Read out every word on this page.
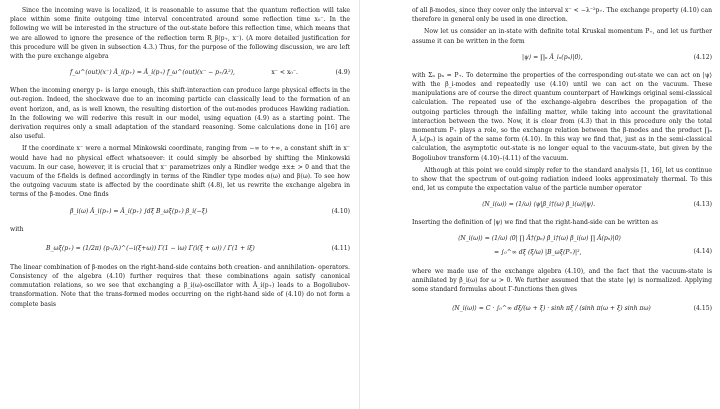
Since the incoming wave is localized, it is reasonable to assume that the quantum reflection will take place within some finite outgoing time interval concentrated around some reflection time x₀⁻. In the following we will be interested in the structure of the out-state before this reflection time, which means that we are allowed to ignore the presence of the reflection term R_β(p₊, x⁻). (A more detailed justification for this procedure will be given in subsection 4.3.) Thus, for the purpose of the following discussion, we are left with the pure exchange algebra

f_ω^(out)(x⁻) Â_i(p₊) = Â_i(p₊) f_ω^(out)(x⁻ − p₊/λ²),	x⁻ < x₀⁻.	(4.9)

When the incoming energy p₊ is large enough, this shift-interaction can produce large physical effects in the out-region. Indeed, the shockwave due to an incoming particle can classically lead to the formation of an event horizon, and, as is well known, the resulting distortion of the out-modes produces Hawking radiation. In the following we will rederive this result in our model, using equation (4.9) as a starting point. The derivation requires only a small adaptation of the standard reasoning. Some calculations done in [16] are also useful.

If the coordinate x⁻ were a normal Minkowski coordinate, ranging from −∞ to +∞, a constant shift in x⁻ would have had no physical effect whatsoever: it could simply be absorbed by shifting the Minkowski vacuum. In our case, however, it is crucial that x⁻ parametrizes only a Rindler wedge ±x± > 0 and that the vacuum of the f-fields is defined accordingly in terms of the Rindler type modes α(ω) and β(ω). To see how the outgoing vacuum state is affected by the coordinate shift (4.8), let us rewrite the exchange algebra in terms of the β-modes. One finds

β_i(ω) Â_i(p₊) = Â_i(p₊) ∫dξ B_ωξ(p₊) β_i(−ξ)	(4.10)

with

B_ωξ(p₊) = (1/2π) (p₊/λ)^(−i(ξ+ω)) Γ(1 − iω) Γ(i(ξ + ω)) / Γ(1 + iξ)	(4.11)

The linear combination of β-modes on the right-hand-side contains both creation- and annihilation- operators. Consistency of the algebra (4.10) further requires that these combinations again satisfy canonical commutation relations, so we see that exchanging a β_i(ω)-oscillator with Â_i(p₊) leads to a Bogoliubov-transformation. Note that the trans-formed modes occurring on the right-hand side of (4.10) do not form a complete basis

of all β-modes, since they cover only the interval x⁻ < −λ⁻²p₊. The exchange property (4.10) can therefore in general only be used in one direction.

Now let us consider an in-state with definite total Kruskal momentum P₊, and let us further assume it can be written in the form

|ψ⟩ = ∏ₙ Â_iₙ(pₙ)|0⟩,	(4.12)

with Σₙ pₙ = P₊. To determine the properties of the corresponding out-state we can act on |ψ⟩ with the β_i-modes and repeatedly use (4.10) until we can act on the vacuum. These manipulations are of course the direct quantum counterpart of Hawkings original semi-classical calculation. The repeated use of the exchange-algebra describes the propagation of the outgoing particles through the infalling matter, while taking into account the gravitational interaction between the two. Now, it is clear from (4.3) that in this procedure only the total momentum P₊ plays a role, so the exchange relation between the β-modes and the product ∏ₙ Â_iₙ(pₙ) is again of the same form (4.10). In this way we find that, just as in the semi-classical calculation, the asymptotic out-state is no longer equal to the vacuum-state, but given by the Bogoliubov transform (4.10)–(4.11) of the vacuum.

Although at this point we could simply refer to the standard analysis [1, 16], let us continue to show that the spectrum of out-going radiation indeed looks approximately thermal. To this end, let us compute the expectation value of the particle number operator

⟨N_i(ω)⟩ = (1/ω) ⟨ψ|β_i†(ω) β_i(ω)|ψ⟩.	(4.13)

Inserting the definition of |ψ⟩ we find that the right-hand-side can be written as

⟨N_i(ω)⟩ = (1/ω) ⟨0| ∏ Â†(pₙ) β_i†(ω) β_i(ω) ∏ Â(pₙ)|0⟩
= ∫₀^∞ dξ (ξ/ω) |B_ωξ(P₊)|²,	(4.14)

where we made use of the exchange algebra (4.10), and the fact that the vacuum-state is annihilated by β_i(ω) for ω > 0. We further assumed that the state |ψ⟩ is normalized. Applying some standard formulas about Γ-functions then gives

⟨N_i(ω)⟩ = C · ∫₀^∞ dξ/(ω + ξ) · sinh πξ / (sinh π(ω + ξ) sinh πω)	(4.15)
